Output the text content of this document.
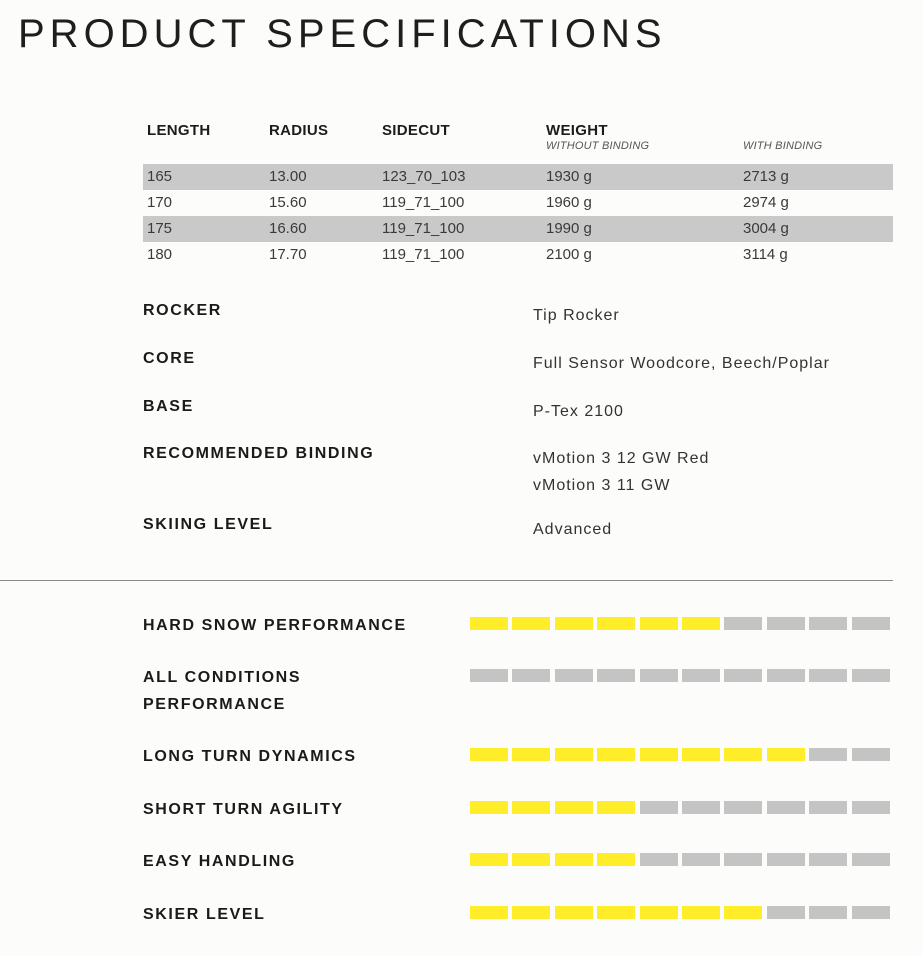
PRODUCT SPECIFICATIONS
LENGTH	RADIUS	SIDECUT	WEIGHT
WITHOUT BINDING	WITH BINDING
165	13.00	123_70_103	1930 g	2713 g
170	15.60	119_71_100	1960 g	2974 g
175	16.60	119_71_100	1990 g	3004 g
180	17.70	119_71_100	2100 g	3114 g
ROCKER	Tip Rocker
CORE	Full Sensor Woodcore, Beech/Poplar
BASE	P-Tex 2100
RECOMMENDED BINDING	vMotion 3 12 GW Red
vMotion 3 11 GW
SKIING LEVEL	Advanced
HARD SNOW PERFORMANCE
ALL CONDITIONS PERFORMANCE
LONG TURN DYNAMICS
SHORT TURN AGILITY
EASY HANDLING
SKIER LEVEL
